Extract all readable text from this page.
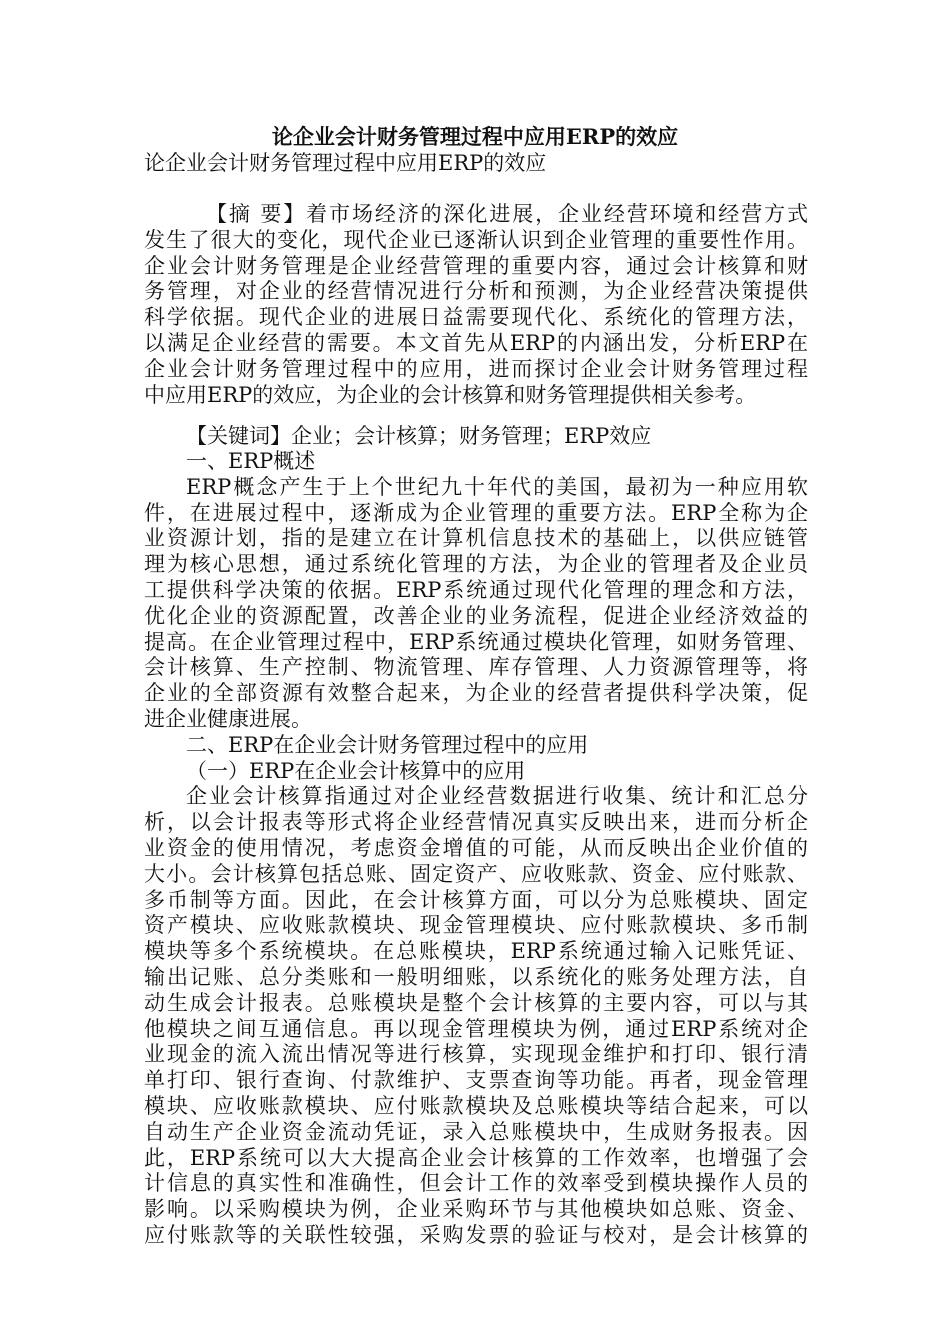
论企业会计财务管理过程中应用ERP的效应
论企业会计财务管理过程中应用ERP的效应
【摘 要】着市场经济的深化进展，企业经营环境和经营方式
发生了很大的变化，现代企业已逐渐认识到企业管理的重要性作用。
企业会计财务管理是企业经营管理的重要内容，通过会计核算和财
务管理，对企业的经营情况进行分析和预测，为企业经营决策提供
科学依据。现代企业的进展日益需要现代化、系统化的管理方法，
以满足企业经营的需要。本文首先从ERP的内涵出发，分析ERP在
企业会计财务管理过程中的应用，进而探讨企业会计财务管理过程
中应用ERP的效应，为企业的会计核算和财务管理提供相关参考。
【关键词】企业；会计核算；财务管理；ERP效应
一、ERP概述
ERP概念产生于上个世纪九十年代的美国，最初为一种应用软
件，在进展过程中，逐渐成为企业管理的重要方法。ERP全称为企
业资源计划，指的是建立在计算机信息技术的基础上，以供应链管
理为核心思想，通过系统化管理的方法，为企业的管理者及企业员
工提供科学决策的依据。ERP系统通过现代化管理的理念和方法，
优化企业的资源配置，改善企业的业务流程，促进企业经济效益的
提高。在企业管理过程中，ERP系统通过模块化管理，如财务管理、
会计核算、生产控制、物流管理、库存管理、人力资源管理等，将
企业的全部资源有效整合起来，为企业的经营者提供科学决策，促
进企业健康进展。
二、ERP在企业会计财务管理过程中的应用
（一）ERP在企业会计核算中的应用
企业会计核算指通过对企业经营数据进行收集、统计和汇总分
析，以会计报表等形式将企业经营情况真实反映出来，进而分析企
业资金的使用情况，考虑资金增值的可能，从而反映出企业价值的
大小。会计核算包括总账、固定资产、应收账款、资金、应付账款、
多币制等方面。因此，在会计核算方面，可以分为总账模块、固定
资产模块、应收账款模块、现金管理模块、应付账款模块、多币制
模块等多个系统模块。在总账模块，ERP系统通过输入记账凭证、
输出记账、总分类账和一般明细账，以系统化的账务处理方法，自
动生成会计报表。总账模块是整个会计核算的主要内容，可以与其
他模块之间互通信息。再以现金管理模块为例，通过ERP系统对企
业现金的流入流出情况等进行核算，实现现金维护和打印、银行清
单打印、银行查询、付款维护、支票查询等功能。再者，现金管理
模块、应收账款模块、应付账款模块及总账模块等结合起来，可以
自动生产企业资金流动凭证，录入总账模块中，生成财务报表。因
此，ERP系统可以大大提高企业会计核算的工作效率，也增强了会
计信息的真实性和准确性，但会计工作的效率受到模块操作人员的
影响。以采购模块为例，企业采购环节与其他模块如总账、资金、
应付账款等的关联性较强，采购发票的验证与校对，是会计核算的
